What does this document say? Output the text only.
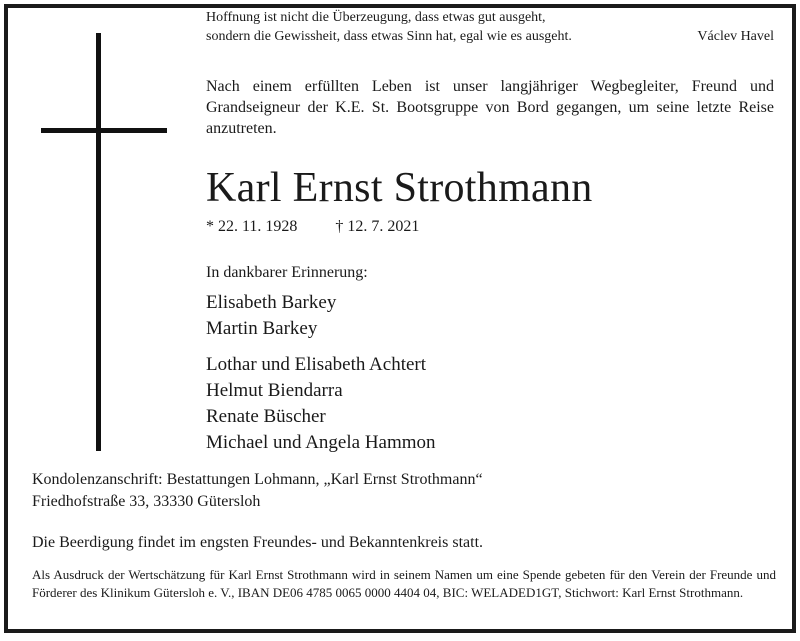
Hoffnung ist nicht die Überzeugung, dass etwas gut ausgeht,
sondern die Gewissheit, dass etwas Sinn hat, egal wie es ausgeht.	Václev Havel
Nach einem erfüllten Leben ist unser langjähriger Wegbegleiter, Freund und Grandseigneur der K.E. St. Bootsgruppe von Bord gegangen, um seine letzte Reise anzutreten.
Karl Ernst Strothmann
* 22. 11. 1928 † 12. 7. 2021
In dankbarer Erinnerung:
Elisabeth Barkey
Martin Barkey
Lothar und Elisabeth Achtert
Helmut Biendarra
Renate Büscher
Michael und Angela Hammon
Kondolenzanschrift: Bestattungen Lohmann, „Karl Ernst Strothmann“
Friedhofstraße 33, 33330 Gütersloh
Die Beerdigung findet im engsten Freundes- und Bekanntenkreis statt.
Als Ausdruck der Wertschätzung für Karl Ernst Strothmann wird in seinem Namen um eine Spende gebeten für den Verein der Freunde und Förderer des Klinikum Gütersloh e. V., IBAN DE06 4785 0065 0000 4404 04, BIC: WELADED1GT, Stichwort: Karl Ernst Strothmann.
